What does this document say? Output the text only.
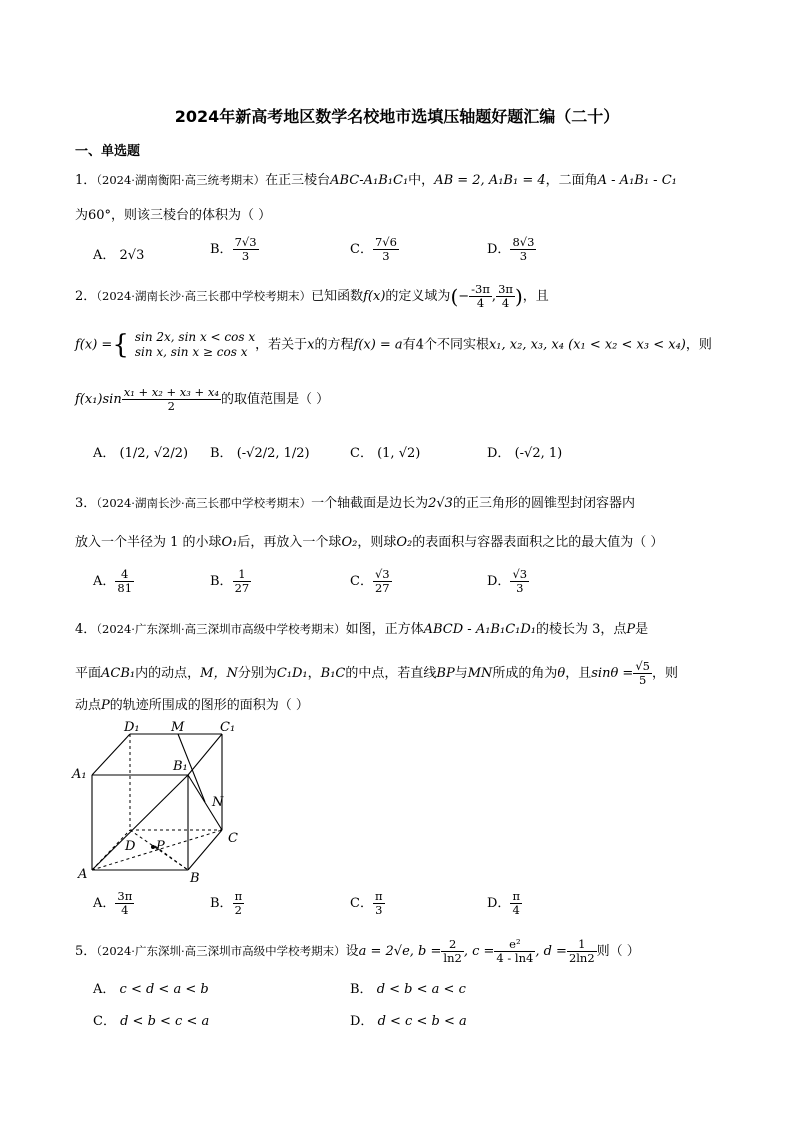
2024年新高考地区数学名校地市选填压轴题好题汇编（二十）
一、单选题
1．（2024·湖南衡阳·高三统考期末）在正三棱台ABC-A₁B₁C₁中，AB = 2, A₁B₁ = 4，二面角A - A₁B₁ - C₁
为60°，则该三棱台的体积为（ ）
A． 2√3	B． $\frac{7√3}{3}$	C． $\frac{7√6}{3}$	D． $\frac{8√3}{3}$
2．（2024·湖南长沙·高三长郡中学校考期末）已知函数f(x)的定义域为(− $\frac{-3\pi}{4}$ , $\frac{3\pi}{4}$ )，且
f(x) ={ sin 2x, sin x < cos x
sin x, sin x ≥ cos x ，若关于x的方程f(x) = a有4个不同实根x₁, x₂, x₃, x₄ (x₁ < x₂ < x₃ < x₄)，则
$f(x_1)\sin \frac{\text{x₁ + x₂ + x₃ + x₄}}{2}$ 的取值范围是（ ）
A． (1/2, √2/2) B． (-√2/2, 1/2)	C． (1, √2)	D． (-√2, 1)
3．（2024·湖南长沙·高三长郡中学校考期末）一个轴截面是边长为2√3的正三角形的圆锥型封闭容器内
放入一个半径为 1 的小球O₁后，再放入一个球O₂，则球O₂的表面积与容器表面积之比的最大值为（ ）
A． $\frac{4}{81}$	B． $\frac{1}{27}$	C． $\frac{√3}{27}$	D． $\frac{√3}{3}$
4．（2024·广东深圳·高三深圳市高级中学校考期末）如图，正方体ABCD - A₁B₁C₁D₁的棱长为 3，点P是
平面ACB₁内的动点，M，N分别为C₁D₁，B₁C的中点，若直线BP与MN所成的角为θ，且$\sin\theta = \frac{√5}{5}$ ，则
动点P的轨迹所围成的图形的面积为（ ）
D₁ M	C₁
A₁
B₁
N
C
D P
A	B
A． $\frac{3\pi}{4}$	B． $\frac{\pi}{2}$	C． $\frac{\pi}{3}$	D． $\frac{\pi}{4}$
5．（2024·广东深圳·高三深圳市高级中学校考期末）设a = 2√e, $b = \frac{2}{\ln 2}$ , $c = \frac{\text{e²}}{4 - \ln 4}$ , $d = \frac{1}{2\ln 2}$ 则（ ）
A． c < d < a < b	B． d < b < a < c
C． d < b < c < a	D． d < c < b < a
